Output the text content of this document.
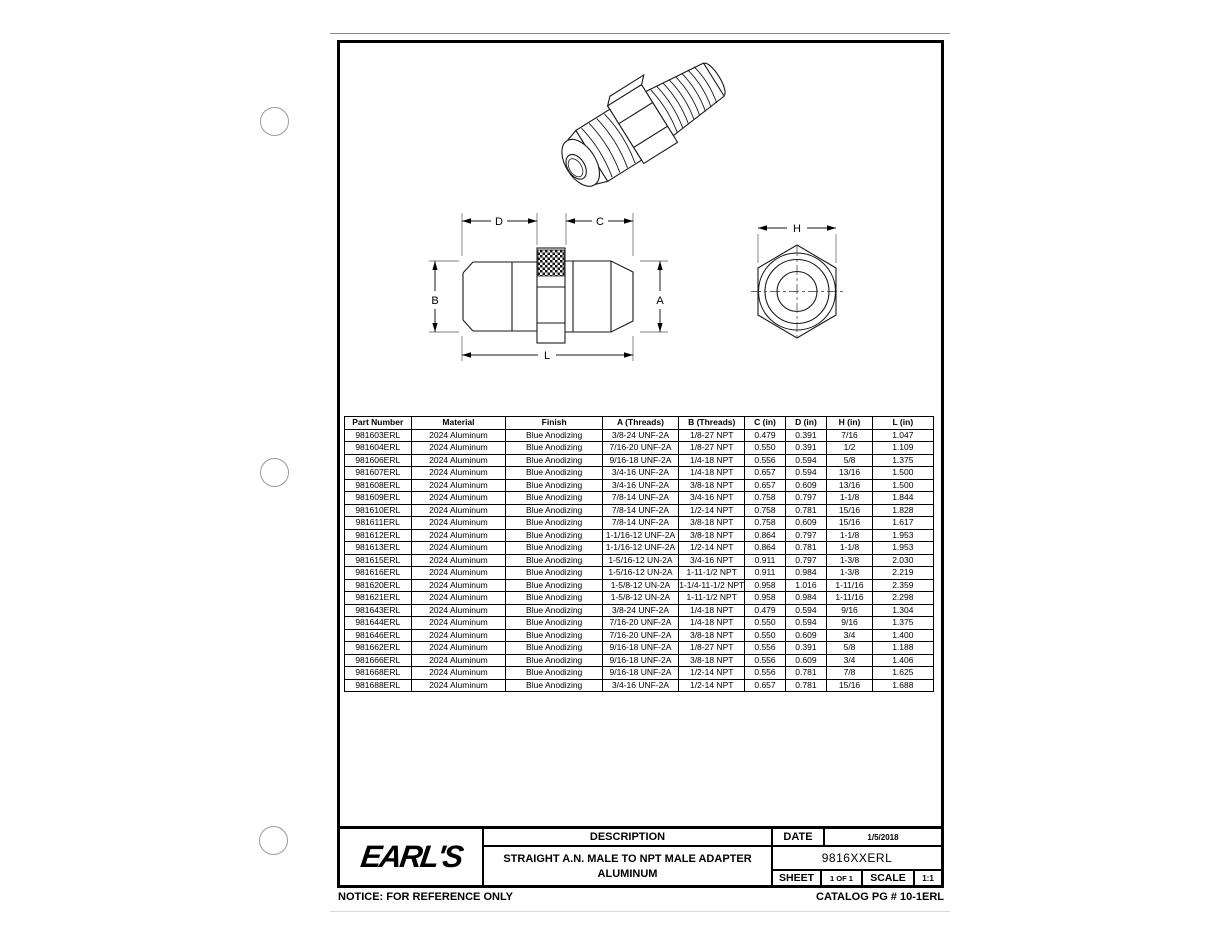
D	C
B	A
L
H
Part Number	Material	Finish	A (Threads)	B (Threads)	C (in)	D (in)	H (in)	L (in)
981603ERL	2024 Aluminum	Blue Anodizing	3/8-24 UNF-2A	1/8-27 NPT	0.479	0.391	7/16	1.047
981604ERL	2024 Aluminum	Blue Anodizing	7/16-20 UNF-2A	1/8-27 NPT	0.550	0.391	1/2	1.109
981606ERL	2024 Aluminum	Blue Anodizing	9/16-18 UNF-2A	1/4-18 NPT	0.556	0.594	5/8	1.375
981607ERL	2024 Aluminum	Blue Anodizing	3/4-16 UNF-2A	1/4-18 NPT	0.657	0.594	13/16	1.500
981608ERL	2024 Aluminum	Blue Anodizing	3/4-16 UNF-2A	3/8-18 NPT	0.657	0.609	13/16	1.500
981609ERL	2024 Aluminum	Blue Anodizing	7/8-14 UNF-2A	3/4-16 NPT	0.758	0.797	1-1/8	1.844
981610ERL	2024 Aluminum	Blue Anodizing	7/8-14 UNF-2A	1/2-14 NPT	0.758	0.781	15/16	1.828
981611ERL	2024 Aluminum	Blue Anodizing	7/8-14 UNF-2A	3/8-18 NPT	0.758	0.609	15/16	1.617
981612ERL	2024 Aluminum	Blue Anodizing	1-1/16-12 UNF-2A	3/8-18 NPT	0.864	0.797	1-1/8	1.953
981613ERL	2024 Aluminum	Blue Anodizing	1-1/16-12 UNF-2A	1/2-14 NPT	0.864	0.781	1-1/8	1.953
981615ERL	2024 Aluminum	Blue Anodizing	1-5/16-12 UN-2A	3/4-16 NPT	0.911	0.797	1-3/8	2.030
981616ERL	2024 Aluminum	Blue Anodizing	1-5/16-12 UN-2A	1-11-1/2 NPT	0.911	0.984	1-3/8	2.219
981620ERL	2024 Aluminum	Blue Anodizing	1-5/8-12 UN-2A	1-1/4-11-1/2 NPT	0.958	1.016	1-11/16	2.359
981621ERL	2024 Aluminum	Blue Anodizing	1-5/8-12 UN-2A	1-11-1/2 NPT	0.958	0.984	1-11/16	2.298
981643ERL	2024 Aluminum	Blue Anodizing	3/8-24 UNF-2A	1/4-18 NPT	0.479	0.594	9/16	1.304
981644ERL	2024 Aluminum	Blue Anodizing	7/16-20 UNF-2A	1/4-18 NPT	0.550	0.594	9/16	1.375
981646ERL	2024 Aluminum	Blue Anodizing	7/16-20 UNF-2A	3/8-18 NPT	0.550	0.609	3/4	1.400
981662ERL	2024 Aluminum	Blue Anodizing	9/16-18 UNF-2A	1/8-27 NPT	0.556	0.391	5/8	1.188
981666ERL	2024 Aluminum	Blue Anodizing	9/16-18 UNF-2A	3/8-18 NPT	0.556	0.609	3/4	1.406
981668ERL	2024 Aluminum	Blue Anodizing	9/16-18 UNF-2A	1/2-14 NPT	0.556	0.781	7/8	1.625
981688ERL	2024 Aluminum	Blue Anodizing	3/4-16 UNF-2A	1/2-14 NPT	0.657	0.781	15/16	1.688
EARL'S
DESCRIPTION
STRAIGHT A.N. MALE TO NPT MALE ADAPTER
ALUMINUM
DATE	1/5/2018
9816XXERL
SHEET	1 OF 1	SCALE	1:1
NOTICE: FOR REFERENCE ONLY	CATALOG PG # 10-1ERL
